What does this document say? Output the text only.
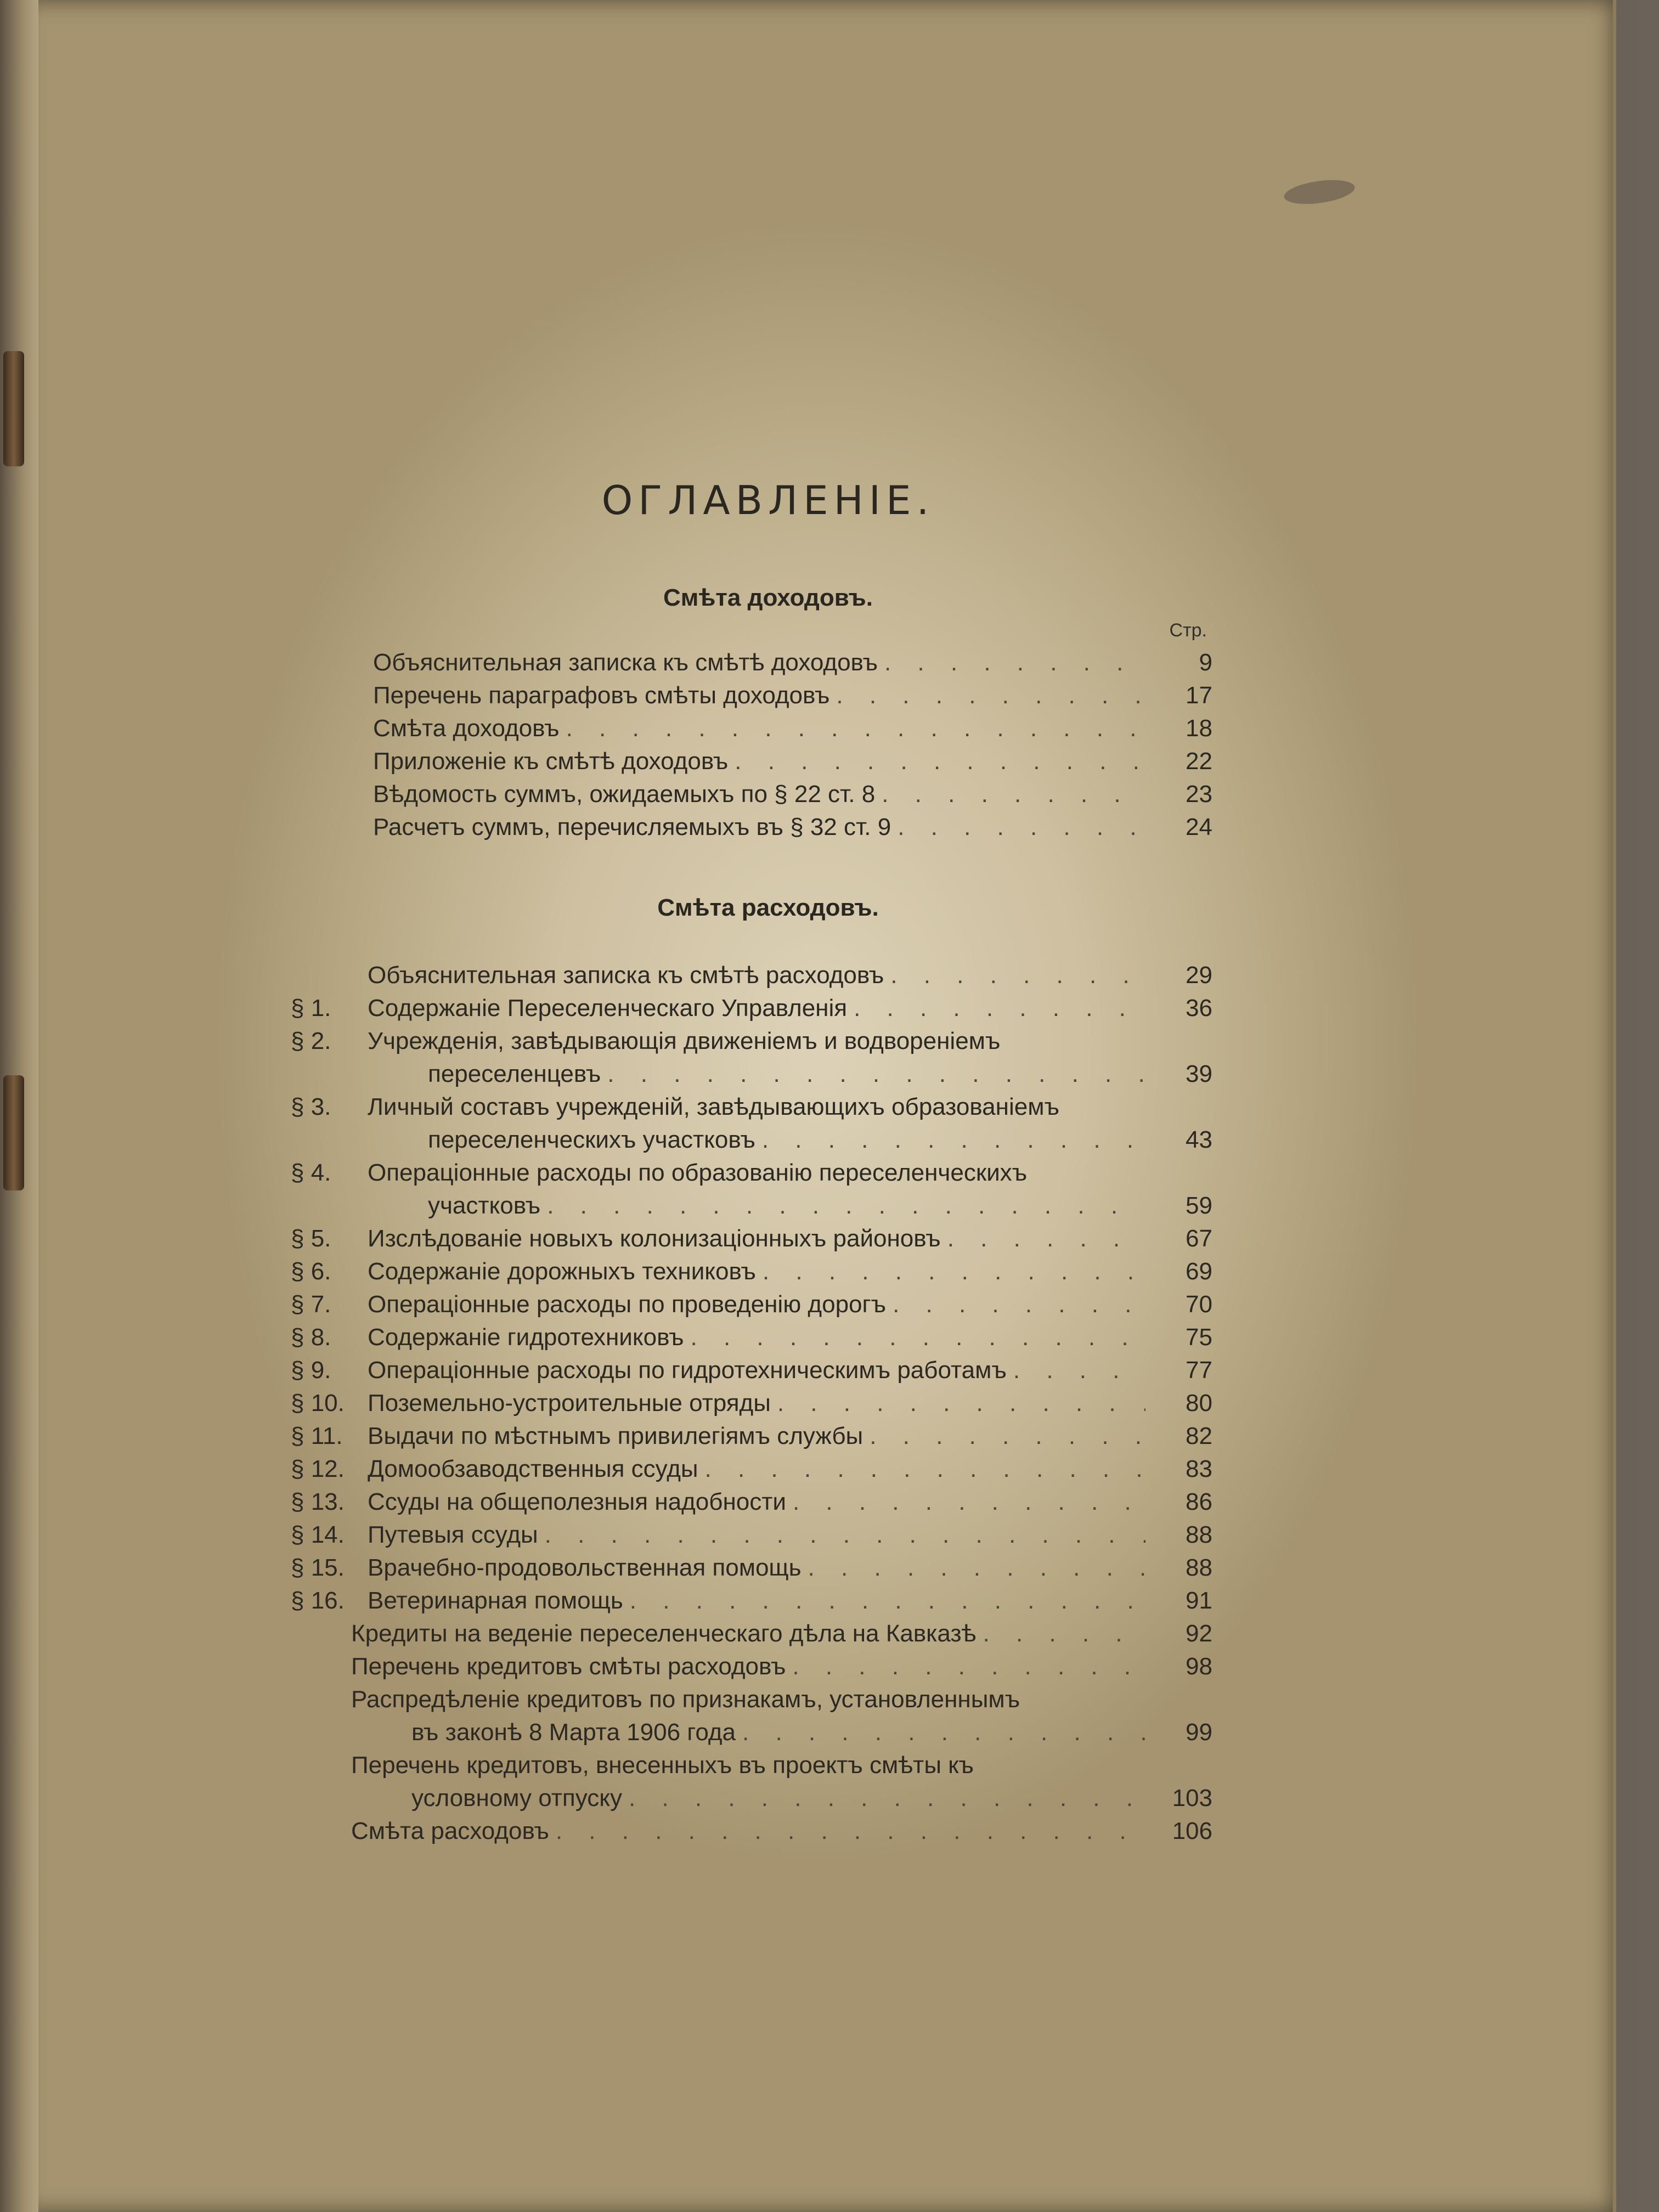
ОГЛАВЛЕНIЕ.
Смѣта доходовъ.
Стр.
Смѣта расходовъ.
Объяснительная записка къ смѣтѣ доходовъ . . .	9
Перечень параграфовъ смѣты доходовъ . . .	17
Смѣта доходовъ . . .	18
Приложенiе къ смѣтѣ доходовъ . . .	22
Вѣдомость суммъ, ожидаемыхъ по § 22 ст. 8 . . .	23
Расчетъ суммъ, перечисляемыхъ въ § 32 ст. 9 . . .	24
Объяснительная записка къ смѣтѣ расходовъ . . .	29
§ 1.	Содержанiе Переселенческаго Управленiя . . .	36
§ 2.	Учрежденiя, завѣдывающiя движенiемъ и водворенiемъ
переселенцевъ . . .	39
§ 3.	Личный составъ учрежденiй, завѣдывающихъ образованiемъ
переселенческихъ участковъ . . .	43
§ 4.	Операцiонные расходы по образованiю переселенческихъ
участковъ . . .	59
§ 5.	Изслѣдованiе новыхъ колонизацiонныхъ районовъ . . .	67
§ 6.	Содержанiе дорожныхъ техниковъ . . .	69
§ 7.	Операцiонные расходы по проведенiю дорогъ . . .	70
§ 8.	Содержанiе гидротехниковъ . . .	75
§ 9.	Операцiонные расходы по гидротехническимъ работамъ . . .	77
§ 10. Поземельно-устроительные отряды . . .	80
§ 11.	Выдачи по мѣстнымъ привилегiямъ службы . . .	82
§ 12. Домообзаводственныя ссуды . . .	83
§ 13. Ссуды на общеполезныя надобности . . .	86
§ 14. Путевыя ссуды . . .	88
§ 15. Врачебно-продовольственная помощь . . .	88
§ 16. Ветеринарная помощь . . .	91
Кредиты на веденiе переселенческаго дѣла на Кавказѣ . . .	92
Перечень кредитовъ смѣты расходовъ . . .	98
Распредѣленiе кредитовъ по признакамъ, установленнымъ
въ законѣ 8 Марта 1906 года . . .	99
Перечень кредитовъ, внесенныхъ въ проектъ смѣты къ
условному отпуску . . .	103
Смѣта расходовъ . . .	106
